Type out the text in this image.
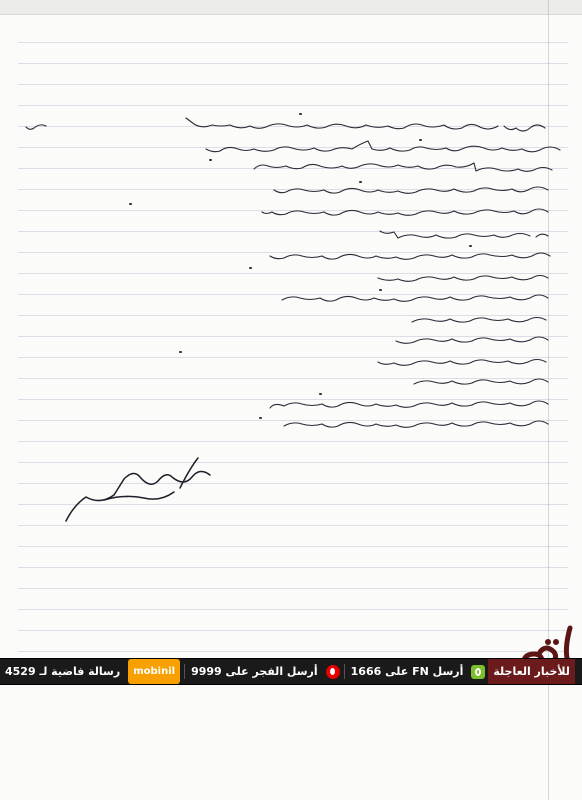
رسالة فاضية لـ 4529	mobinil	أرسل الفجر على 9999	أرسل FN على 1666	للأخبار العاجلة
